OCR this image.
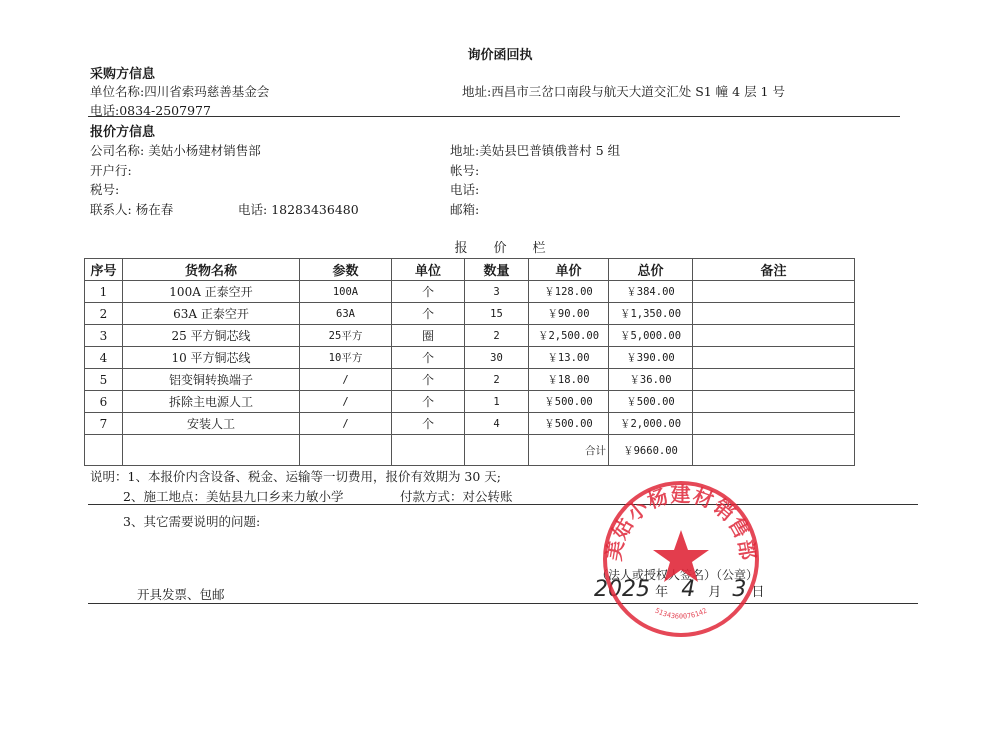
询价函回执
采购方信息
单位名称:四川省索玛慈善基金会	地址:西昌市三岔口南段与航天大道交汇处 S1 幢 4 层 1 号
电话:0834-2507977
报价方信息
公司名称: 美姑小杨建材销售部	地址:美姑县巴普镇俄普村 5 组
开户行:	帐号:
税号:	电话:
联系人: 杨在春	电话: 18283436480	邮箱:
报　　价　　栏
序号	货物名称	参数	单位	数量	单价	总价	备注
1	100A 正泰空开	100A	个	3	￥128.00	￥384.00	
2	63A 正泰空开	63A	个	15	￥90.00	￥1,350.00	
3	25 平方铜芯线	25平方	圈	2	￥2,500.00	￥5,000.00	
4	10 平方铜芯线	10平方	个	30	￥13.00	￥390.00	
5	铝变铜转换端子	/	个	2	￥18.00	￥36.00	
6	拆除主电源人工	/	个	1	￥500.00	￥500.00	
7	安装人工	/	个	4	￥500.00	￥2,000.00	
					合计	￥9660.00	
说明：1、本报价内含设备、税金、运输等一切费用，报价有效期为 30 天;
2、施工地点：美姑县九口乡来力敏小学	付款方式：对公转账
3、其它需要说明的问题:
（法人或授权人签名）（公章）
开具发票、包邮	2025 年 4 月 3 日
美姑小杨建材销售部
5134360076142
